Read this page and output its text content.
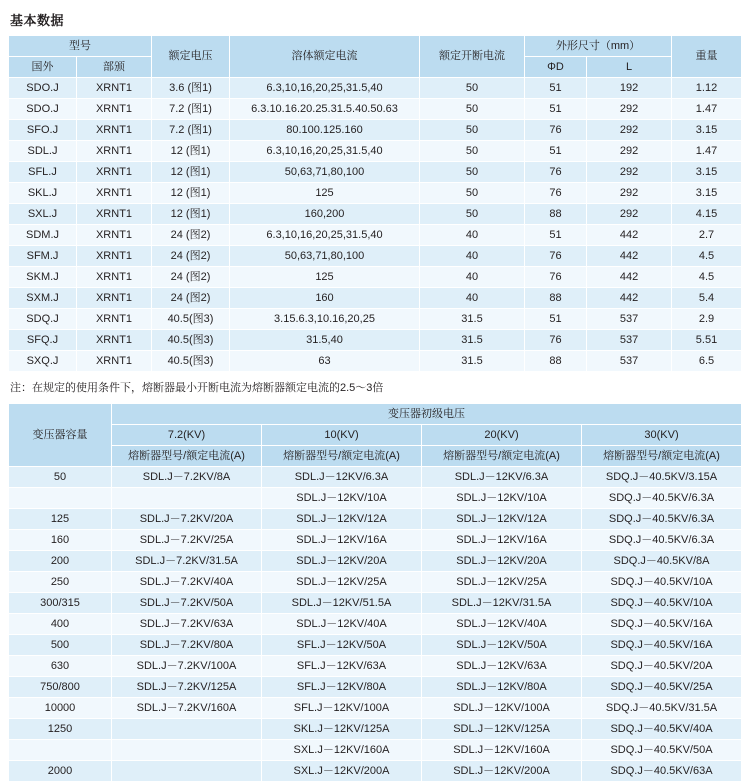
基本数据
型号		额定电压	溶体额定电流	额定开断电流	外形尺寸（mm）		重量
国外	部颁				ΦD	L	
SDO.J	XRNT1	3.6 (图1)	6.3,10,16,20,25,31.5,40	50	51	192	1.12
SDO.J	XRNT1	7.2 (图1)	6.3.10.16.20.25.31.5.40.50.63	50	51	292	1.47
SFO.J	XRNT1	7.2 (图1)	80.100.125.160	50	76	292	3.15
SDL.J	XRNT1	12 (图1)	6.3,10,16,20,25,31.5,40	50	51	292	1.47
SFL.J	XRNT1	12 (图1)	50,63,71,80,100	50	76	292	3.15
SKL.J	XRNT1	12 (图1)	125	50	76	292	3.15
SXL.J	XRNT1	12 (图1)	160,200	50	88	292	4.15
SDM.J	XRNT1	24 (图2)	6.3,10,16,20,25,31.5,40	40	51	442	2.7
SFM.J	XRNT1	24 (图2)	50,63,71,80,100	40	76	442	4.5
SKM.J	XRNT1	24 (图2)	125	40	76	442	4.5
SXM.J	XRNT1	24 (图2)	160	40	88	442	5.4
SDQ.J	XRNT1	40.5(图3)	3.15.6.3,10.16,20,25	31.5	51	537	2.9
SFQ.J	XRNT1	40.5(图3)	31.5,40	31.5	76	537	5.51
SXQ.J	XRNT1	40.5(图3)	63	31.5	88	537	6.5
注：在规定的使用条件下，熔断器最小开断电流为熔断器额定电流的2.5～3倍
变压器容量	变压器初级电压			
	7.2(KV)	10(KV)	20(KV)	30(KV)
	熔断器型号/额定电流(A)	熔断器型号/额定电流(A)	熔断器型号/额定电流(A)	熔断器型号/额定电流(A)
50	SDL.J－7.2KV/8A	SDL.J－12KV/6.3A	SDL.J－12KV/6.3A	SDQ.J－40.5KV/3.15A
		SDL.J－12KV/10A	SDL.J－12KV/10A	SDQ.J－40.5KV/6.3A
125	SDL.J－7.2KV/20A	SDL.J－12KV/12A	SDL.J－12KV/12A	SDQ.J－40.5KV/6.3A
160	SDL.J－7.2KV/25A	SDL.J－12KV/16A	SDL.J－12KV/16A	SDQ.J－40.5KV/6.3A
200	SDL.J－7.2KV/31.5A	SDL.J－12KV/20A	SDL.J－12KV/20A	SDQ.J－40.5KV/8A
250	SDL.J－7.2KV/40A	SDL.J－12KV/25A	SDL.J－12KV/25A	SDQ.J－40.5KV/10A
300/315	SDL.J－7.2KV/50A	SDL.J－12KV/51.5A	SDL.J－12KV/31.5A	SDQ.J－40.5KV/10A
400	SDL.J－7.2KV/63A	SDL.J－12KV/40A	SDL.J－12KV/40A	SDQ.J－40.5KV/16A
500	SDL.J－7.2KV/80A	SFL.J－12KV/50A	SDL.J－12KV/50A	SDQ.J－40.5KV/16A
630	SDL.J－7.2KV/100A	SFL.J－12KV/63A	SDL.J－12KV/63A	SDQ.J－40.5KV/20A
750/800	SDL.J－7.2KV/125A	SFL.J－12KV/80A	SDL.J－12KV/80A	SDQ.J－40.5KV/25A
10000	SDL.J－7.2KV/160A	SFL.J－12KV/100A	SDL.J－12KV/100A	SDQ.J－40.5KV/31.5A
1250		SKL.J－12KV/125A	SDL.J－12KV/125A	SDQ.J－40.5KV/40A
		SXL.J－12KV/160A	SDL.J－12KV/160A	SDQ.J－40.5KV/50A
2000		SXL.J－12KV/200A	SDL.J－12KV/200A	SDQ.J－40.5KV/63A
